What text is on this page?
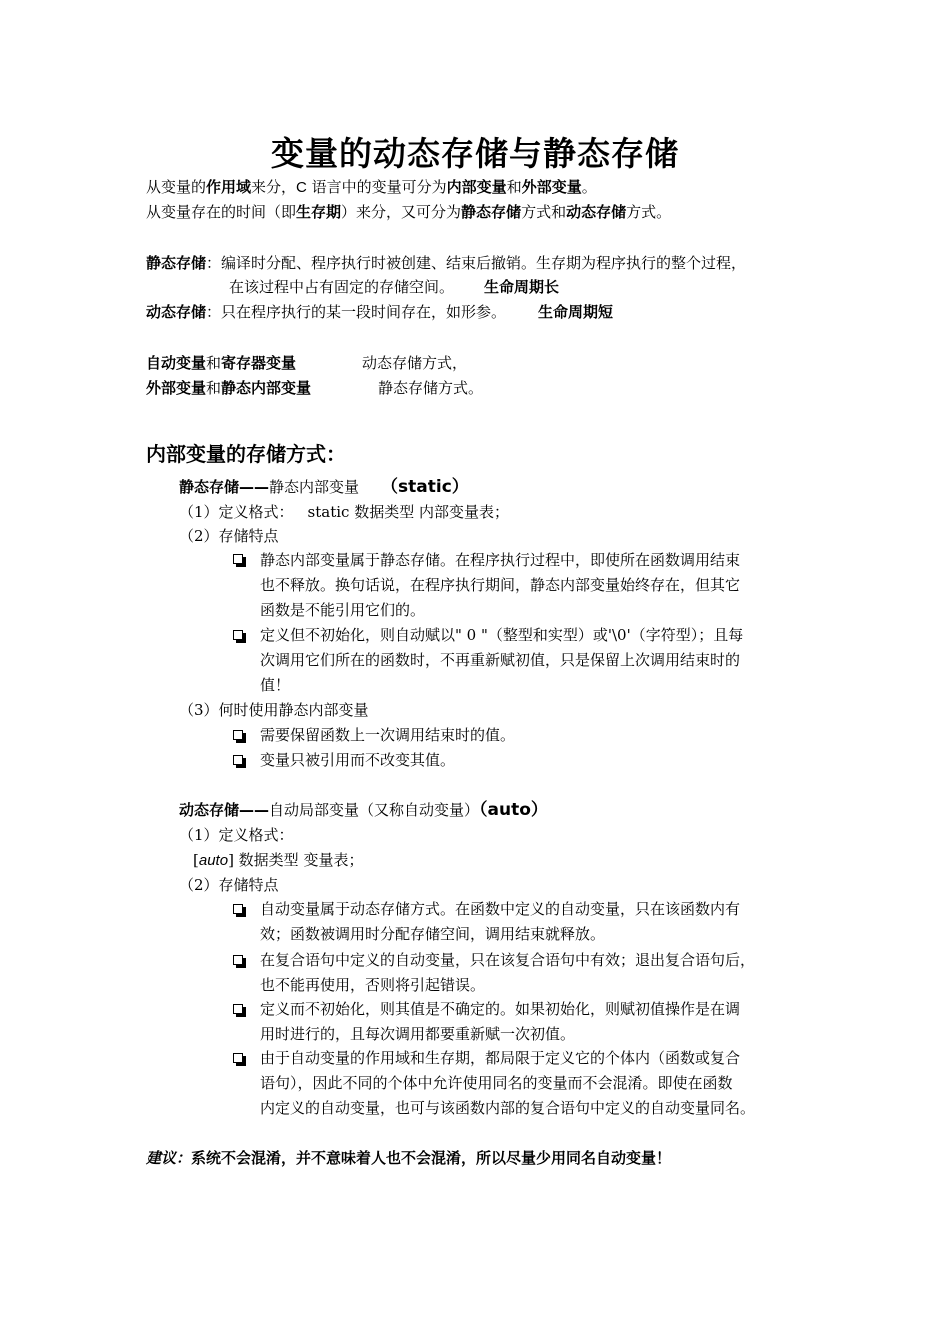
变量的动态存储与静态存储
从变量的作用域来分，C 语言中的变量可分为内部变量和外部变量。
从变量存在的时间（即生存期）来分，又可分为静态存储方式和动态存储方式。
静态存储：编译时分配、程序执行时被创建、结束后撤销。生存期为程序执行的整个过程，
在该过程中占有固定的存储空间。 生命周期长
动态存储：只在程序执行的某一段时间存在，如形参。 生命周期短
自动变量和寄存器变量	动态存储方式，
外部变量和静态内部变量	静态存储方式。
内部变量的存储方式：
静态存储——静态内部变量 （static）
（1）定义格式： static 数据类型 内部变量表；
（2）存储特点
静态内部变量属于静态存储。在程序执行过程中，即使所在函数调用结束
也不释放。换句话说，在程序执行期间，静态内部变量始终存在，但其它
函数是不能引用它们的。
定义但不初始化，则自动赋以" 0 "（整型和实型）或'\0'（字符型）；且每
次调用它们所在的函数时，不再重新赋初值，只是保留上次调用结束时的
值！
（3）何时使用静态内部变量
需要保留函数上一次调用结束时的值。
变量只被引用而不改变其值。
动态存储——自动局部变量（又称自动变量）（auto）
（1）定义格式：
[auto] 数据类型 变量表；
（2）存储特点
自动变量属于动态存储方式。在函数中定义的自动变量，只在该函数内有
效；函数被调用时分配存储空间，调用结束就释放。
在复合语句中定义的自动变量，只在该复合语句中有效；退出复合语句后，
也不能再使用，否则将引起错误。
定义而不初始化，则其值是不确定的。如果初始化，则赋初值操作是在调
用时进行的，且每次调用都要重新赋一次初值。
由于自动变量的作用域和生存期，都局限于定义它的个体内（函数或复合
语句），因此不同的个体中允许使用同名的变量而不会混淆。即使在函数
内定义的自动变量，也可与该函数内部的复合语句中定义的自动变量同名。
建议：系统不会混淆，并不意味着人也不会混淆，所以尽量少用同名自动变量！
